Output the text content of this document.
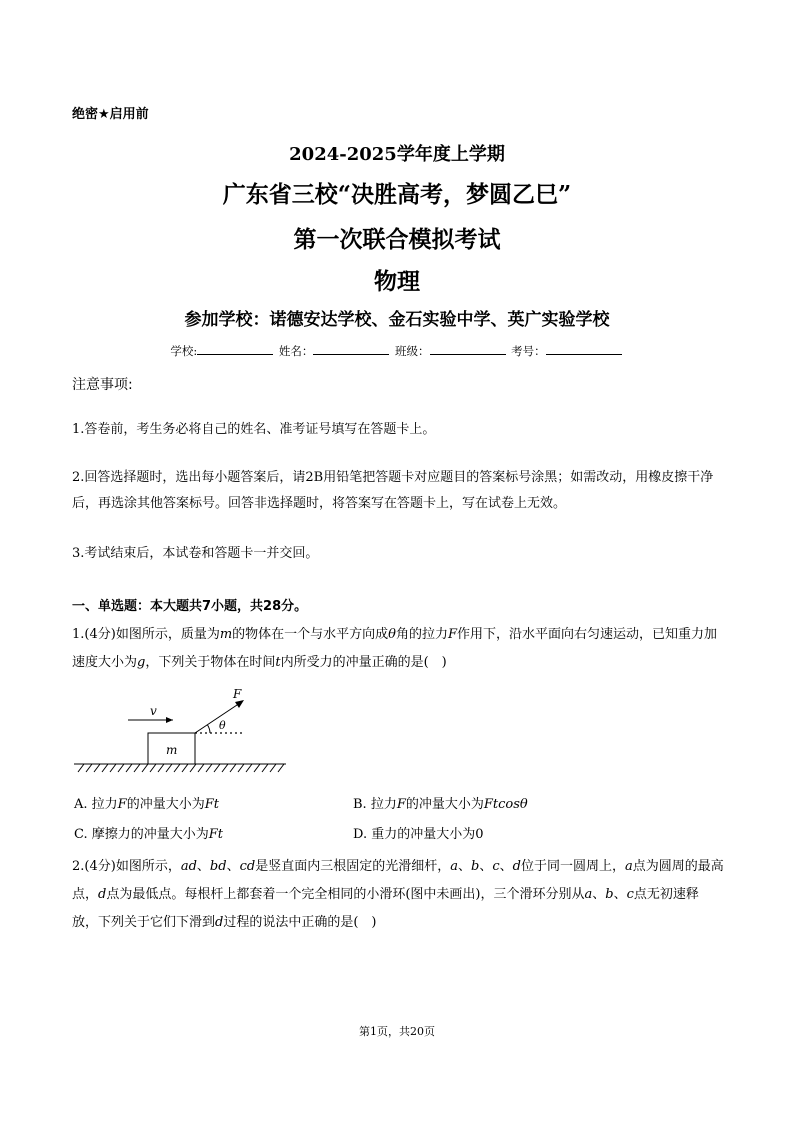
绝密★启用前
2024-2025学年度上学期
广东省三校“决胜高考，梦圆乙巳”
第一次联合模拟考试
物理
参加学校：诺德安达学校、金石实验中学、英广实验学校
学校:	姓名：	班级：	考号：
注意事项:
1.答卷前，考生务必将自己的姓名、准考证号填写在答题卡上。
2.回答选择题时，选出每小题答案后，请2B用铅笔把答题卡对应题目的答案标号涂黑；如需改动，用橡皮擦干净后，再选涂其他答案标号。回答非选择题时，将答案写在答题卡上，写在试卷上无效。
3.考试结束后，本试卷和答题卡一并交回。
一、单选题：本大题共7小题，共28分。
1.(4分)如图所示，质量为m的物体在一个与水平方向成θ角的拉力F作用下，沿水平面向右匀速运动，已知重力加速度大小为g，下列关于物体在时间t内所受力的冲量正确的是(　)
v
m
F
θ
A. 拉力F的冲量大小为Ft	B. 拉力F的冲量大小为Ftcosθ
C. 摩擦力的冲量大小为Ft	D. 重力的冲量大小为0
2.(4分)如图所示，ad、bd、cd是竖直面内三根固定的光滑细杆，a、b、c、d位于同一圆周上，a点为圆周的最高点，d点为最低点。每根杆上都套着一个完全相同的小滑环(图中未画出)，三个滑环分别从a、b、c点无初速释放，下列关于它们下滑到d过程的说法中正确的是(　)
第1页，共20页
